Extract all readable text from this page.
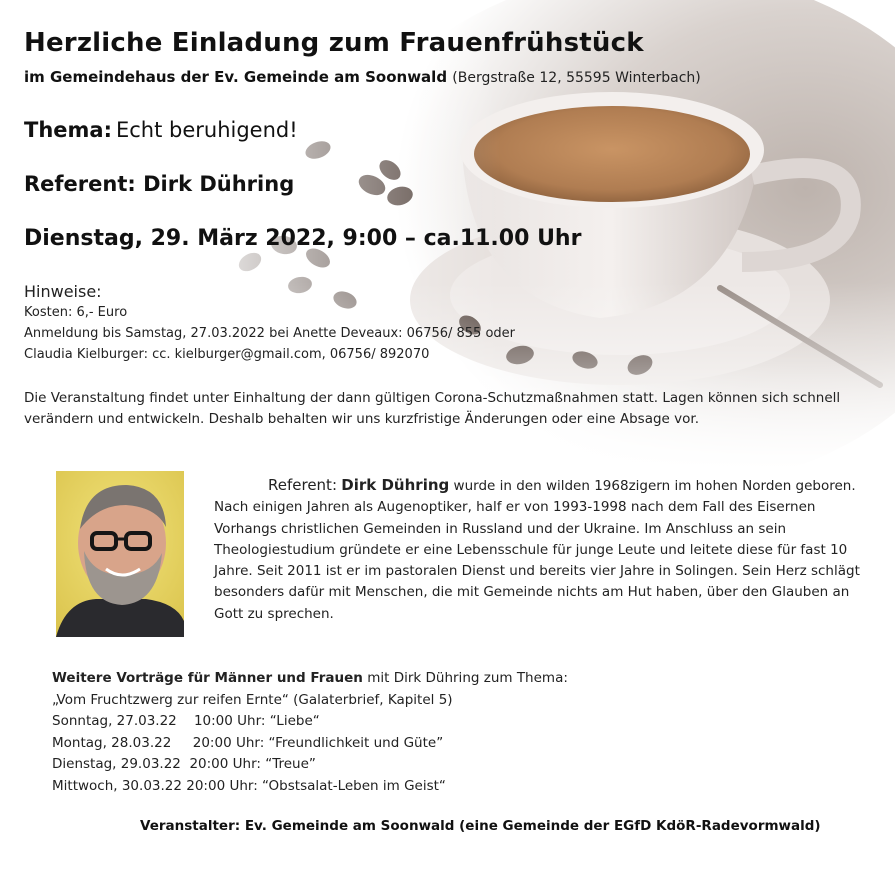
Herzliche Einladung zum Frauenfrühstück
im Gemeindehaus der Ev. Gemeinde am Soonwald (Bergstraße 12, 55595 Winterbach)
Thema: Echt beruhigend!
Referent: Dirk Dühring
Dienstag, 29. März 2022, 9:00 – ca.11.00 Uhr
Hinweise:
Kosten: 6,- Euro
Anmeldung bis Samstag, 27.03.2022 bei Anette Deveaux: 06756/ 855 oder
Claudia Kielburger: cc. kielburger@gmail.com, 06756/ 892070
Die Veranstaltung findet unter Einhaltung der dann gültigen Corona-Schutzmaßnahmen statt. Lagen können sich schnell verändern und entwickeln. Deshalb behalten wir uns kurzfristige Änderungen oder eine Absage vor.
Referent: Dirk Dühring wurde in den wilden 1968zigern im hohen Norden geboren. Nach einigen Jahren als Augenoptiker, half er von 1993-1998 nach dem Fall des Eisernen Vorhangs christlichen Gemeinden in Russland und der Ukraine. Im Anschluss an sein Theologiestudium gründete er eine Lebensschule für junge Leute und leitete diese für fast 10 Jahre. Seit 2011 ist er im pastoralen Dienst und bereits vier Jahre in Solingen. Sein Herz schlägt besonders dafür mit Menschen, die mit Gemeinde nichts am Hut haben, über den Glauben an Gott zu sprechen.
Weitere Vorträge für Männer und Frauen mit Dirk Dühring zum Thema:
„Vom Fruchtzwerg zur reifen Ernte“ (Galaterbrief, Kapitel 5)
Sonntag, 27.03.22    10:00 Uhr: “Liebe“
Montag, 28.03.22     20:00 Uhr: “Freundlichkeit und Güte”
Dienstag, 29.03.22  20:00 Uhr: “Treue”
Mittwoch, 30.03.22 20:00 Uhr: “Obstsalat-Leben im Geist“
Veranstalter: Ev. Gemeinde am Soonwald (eine Gemeinde der EGfD KdöR-Radevormwald)
